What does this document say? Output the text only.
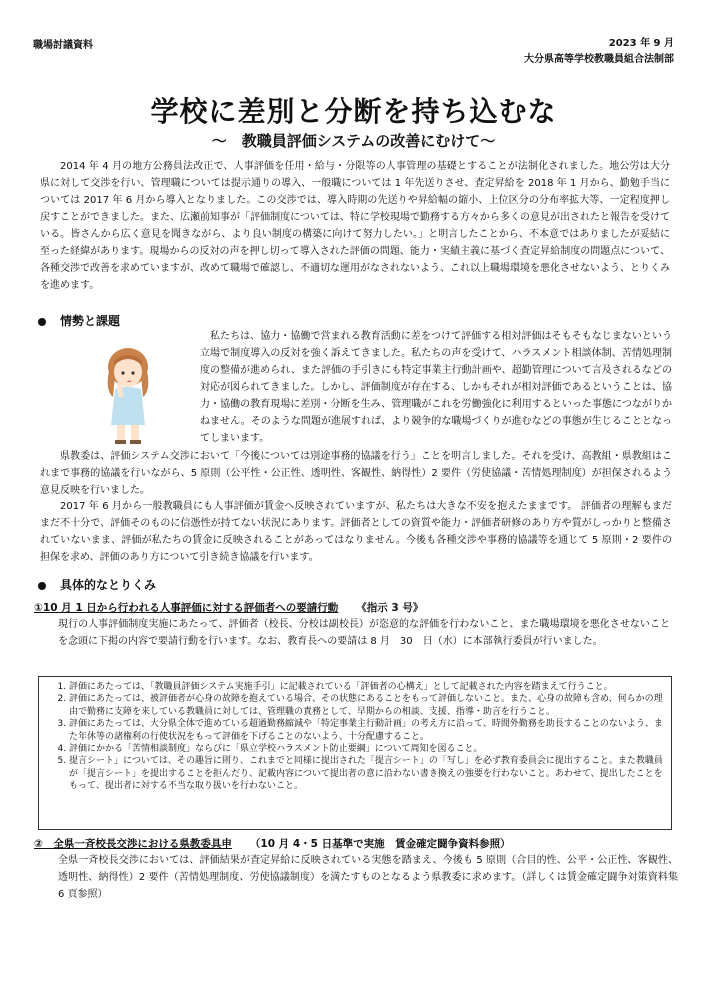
職場討議資料	2023 年 9 月
大分県高等学校教職員組合法制部
学校に差別と分断を持ち込むな
～　教職員評価システムの改善にむけて～
2014 年 4 月の地方公務員法改正で、人事評価を任用・給与・分限等の人事管理の基礎とすることが法制化されました。地公労は大分県に対して交渉を行い、管理職については提示通りの導入、一般職については 1 年先送りさせ、査定昇給を 2018 年 1 月から、勤勉手当については 2017 年 6 月から導入となりました。この交渉では、導入時期の先送りや昇給幅の縮小、上位区分の分布率拡大等、一定程度押し戻すことができました。また、広瀬前知事が「評価制度については、特に学校現場で勤務する方々から多くの意見が出されたと報告を受けている。皆さんから広く意見を聞きながら、より良い制度の構築に向けて努力したい。」と明言したことから、不本意ではありましたが妥結に至った経緯があります。現場からの反対の声を押し切って導入された評価の問題、能力・実績主義に基づく査定昇給制度の問題点について、各種交渉で改善を求めていますが、改めて職場で確認し、不適切な運用がなされないよう、これ以上職場環境を悪化させないよう、とりくみを進めます。
情勢と課題
私たちは、協力・協働で営まれる教育活動に差をつけて評価する相対評価はそもそもなじまないという立場で制度導入の反対を強く訴えてきました。私たちの声を受けて、ハラスメント相談体制、苦情処理制度の整備が進められ、また評価の手引きにも特定事業主行動計画や、超勤管理について言及されるなどの対応が図られてきました。しかし、評価制度が存在する、しかもそれが相対評価であるということは、協力・協働の教育現場に差別・分断を生み、管理職がこれを労働強化に利用するといった事態につながりかねません。そのような問題が進展すれば、より競争的な職場づくりが進むなどの事態が生じることとなってしまいます。
県教委は、評価システム交渉において「今後については別途事務的協議を行う」ことを明言しました。それを受け、高教組・県教組はこれまで事務的協議を行いながら、5 原則（公平性・公正性、透明性、客観性、納得性）2 要件（労使協議・苦情処理制度）が担保されるよう意見反映を行いました。
2017 年 6 月から一般教職員にも人事評価が賃金へ反映されていますが、私たちは大きな不安を抱えたままです。 評価者の理解もまだまだ不十分で、評価そのものに信憑性が持てない状況にあります。評価者としての資質や能力・評価者研修のあり方や質がしっかりと整備されていないまま、評価が私たちの賃金に反映されることがあってはなりません。今後も各種交渉や事務的協議等を通じて 5 原則・2 要件の担保を求め、評価のあり方について引き続き協議を行います。
具体的なとりくみ
①10 月 1 日から行われる人事評価に対する評価者への要請行動 《指示 3 号》
現行の人事評価制度実施にあたって、評価者（校長、分校は副校長）が恣意的な評価を行わないこと、また職場環境を悪化させないことを念頭に下掲の内容で要請行動を行います。なお、教育長への要請は 8 月　30　日（水）に本部執行委員が行いました。
1. 評価にあたっては、「教職員評価システム実施手引」に記載されている「評価者の心構え」として記載された内容を踏まえて行うこと。
2. 評価にあたっては、被評価者が心身の故障を抱えている場合、その状態にあることをもって評価しないこと。また、心身の故障も含め、何らかの理由で勤務に支障を来している教職員に対しては、管理職の責務として、早期からの相談、支援、指導・助言を行うこと。
3. 評価にあたっては、大分県全体で進めている超過勤務縮減や「特定事業主行動計画」の考え方に沿って、時間外勤務を助長することのないよう、また年休等の諸権利の行使状況をもって評価を下げることのないよう、十分配慮すること。
4. 評価にかかる「苦情相談制度」ならびに「県立学校ハラスメント防止要綱」について周知を図ること。
5. 提言シート」については、その趣旨に則り、これまでと同様に提出された「提言シート」の「写し」を必ず教育委員会に提出すること。また教職員が「提言シート」を提出することを拒んだり、記載内容について提出者の意に沿わない書き換えの強要を行わないこと。あわせて、提出したことをもって、提出者に対する不当な取り扱いを行わないこと。
②　全県一斉校長交渉における県教委具申 （10 月 4・5 日基準で実施　賃金確定闘争資料参照）
全県一斉校長交渉においては、評価結果が査定昇給に反映されている実態を踏まえ、今後も 5 原則（合目的性、公平・公正性、客観性、透明性、納得性）2 要件（苦情処理制度、労使協議制度）を満たすものとなるよう県教委に求めます。（詳しくは賃金確定闘争対策資料集 6 頁参照）
